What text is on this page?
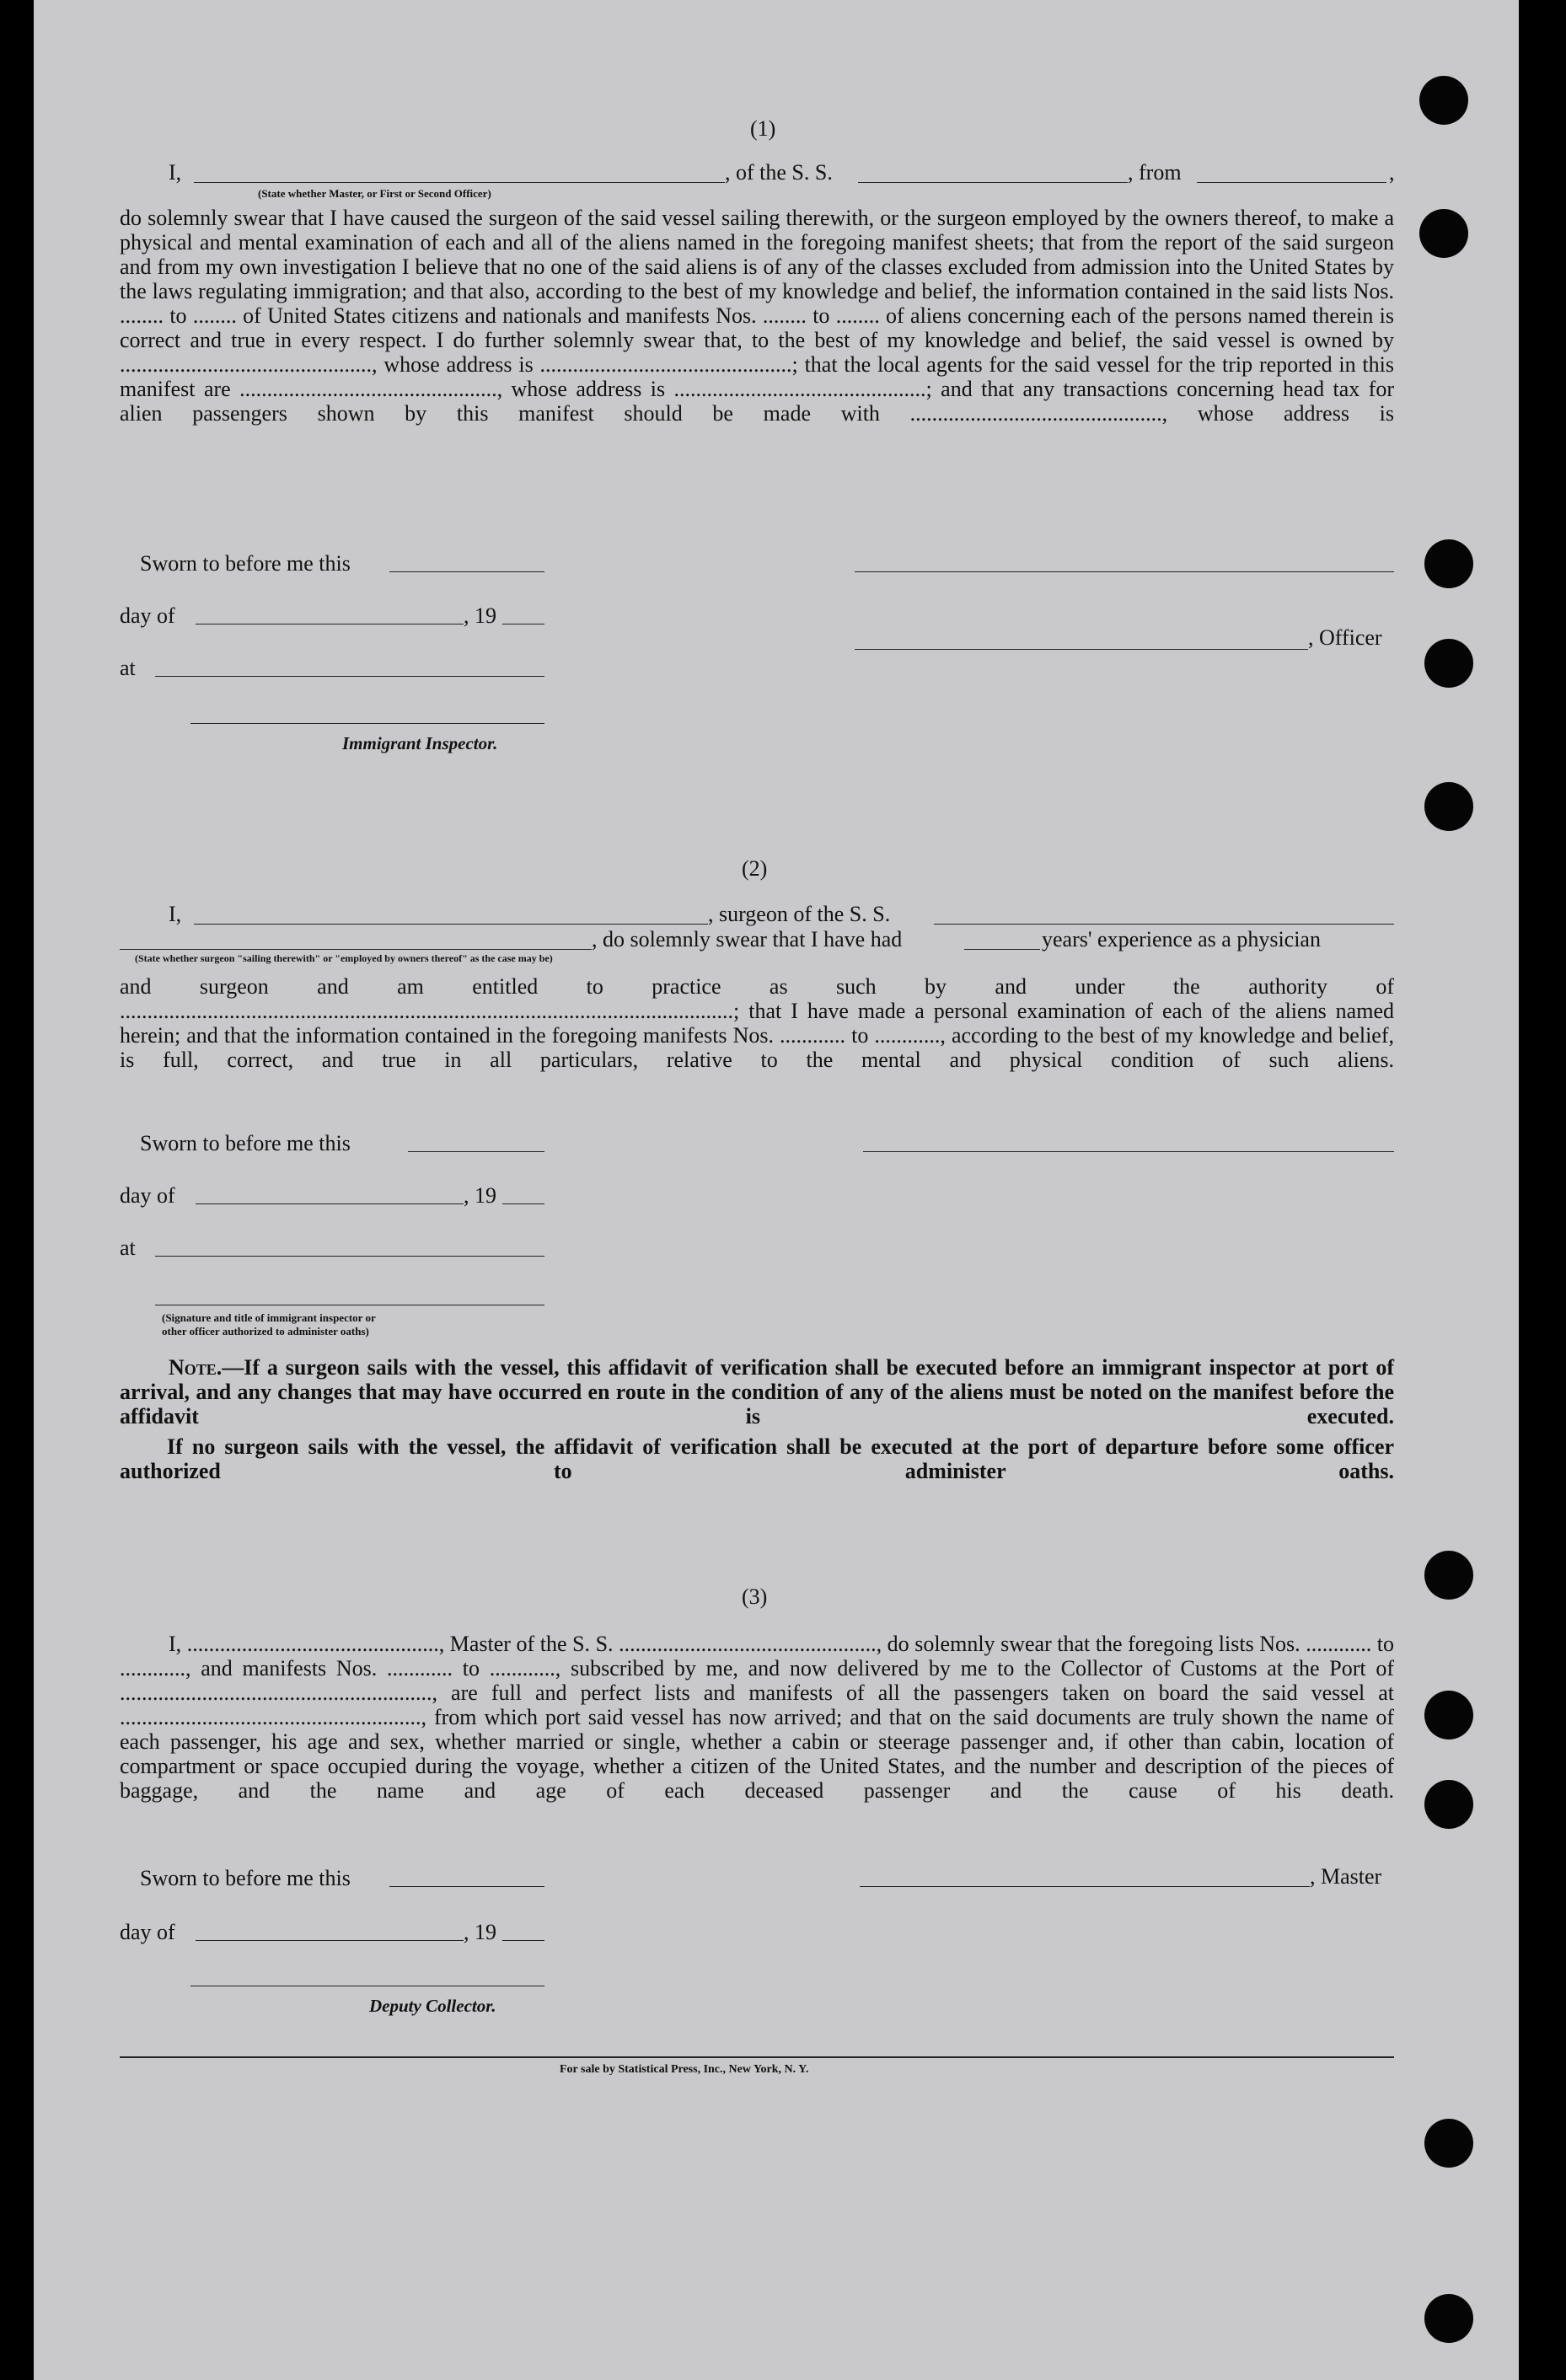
(1)
I,	, of the S. S.	, from	,
(State whether Master, or First or Second Officer)
do solemnly swear that I have caused the surgeon of the said vessel sailing therewith, or the surgeon employed by the owners thereof, to make a physical and mental examination of each and all of the aliens named in the foregoing manifest sheets; that from the report of the said surgeon and from my own investigation I believe that no one of the said aliens is of any of the classes excluded from admission into the United States by the laws regulating immigration; and that also, according to the best of my knowledge and belief, the information contained in the said lists Nos. ........ to ........ of United States citizens and nationals and manifests Nos. ........ to ........ of aliens concerning each of the persons named therein is correct and true in every respect. I do further solemnly swear that, to the best of my knowledge and belief, the said vessel is owned by .............................................., whose address is ..............................................; that the local agents for the said vessel for the trip reported in this manifest are ..............................................., whose address is ..............................................; and that any transactions concerning head tax for alien passengers shown by this manifest should be made with .............................................., whose address is
Sworn to before me this
day of	, 19
at
Immigrant Inspector.
, Officer
(2)
I,	, surgeon of the S. S.
, do solemnly swear that I have had	years' experience as a physician
(State whether surgeon "sailing therewith" or "employed by owners thereof" as the case may be)
and surgeon and am entitled to practice as such by and under the authority of ................................................................................................................; that I have made a personal examination of each of the aliens named herein; and that the information contained in the foregoing manifests Nos. ............ to ............, according to the best of my knowledge and belief, is full, correct, and true in all particulars, relative to the mental and physical condition of such aliens.
Sworn to before me this
day of	, 19
at
(Signature and title of immigrant inspector or
other officer authorized to administer oaths)
Note.—If a surgeon sails with the vessel, this affidavit of verification shall be executed before an immigrant inspector at port of arrival, and any changes that may have occurred en route in the condition of any of the aliens must be noted on the manifest before the affidavit is executed.
If no surgeon sails with the vessel, the affidavit of verification shall be executed at the port of departure before some officer authorized to administer oaths.
(3)
I, .............................................., Master of the S. S. ..............................................., do solemnly swear that the foregoing lists Nos. ............ to ............, and manifests Nos. ............ to ............, subscribed by me, and now delivered by me to the Collector of Customs at the Port of ........................................................., are full and perfect lists and manifests of all the passengers taken on board the said vessel at ......................................................., from which port said vessel has now arrived; and that on the said documents are truly shown the name of each passenger, his age and sex, whether married or single, whether a cabin or steerage passenger and, if other than cabin, location of compartment or space occupied during the voyage, whether a citizen of the United States, and the number and description of the pieces of baggage, and the name and age of each deceased passenger and the cause of his death.
Sworn to before me this	, Master
day of	, 19
Deputy Collector.
For sale by Statistical Press, Inc., New York, N. Y.
